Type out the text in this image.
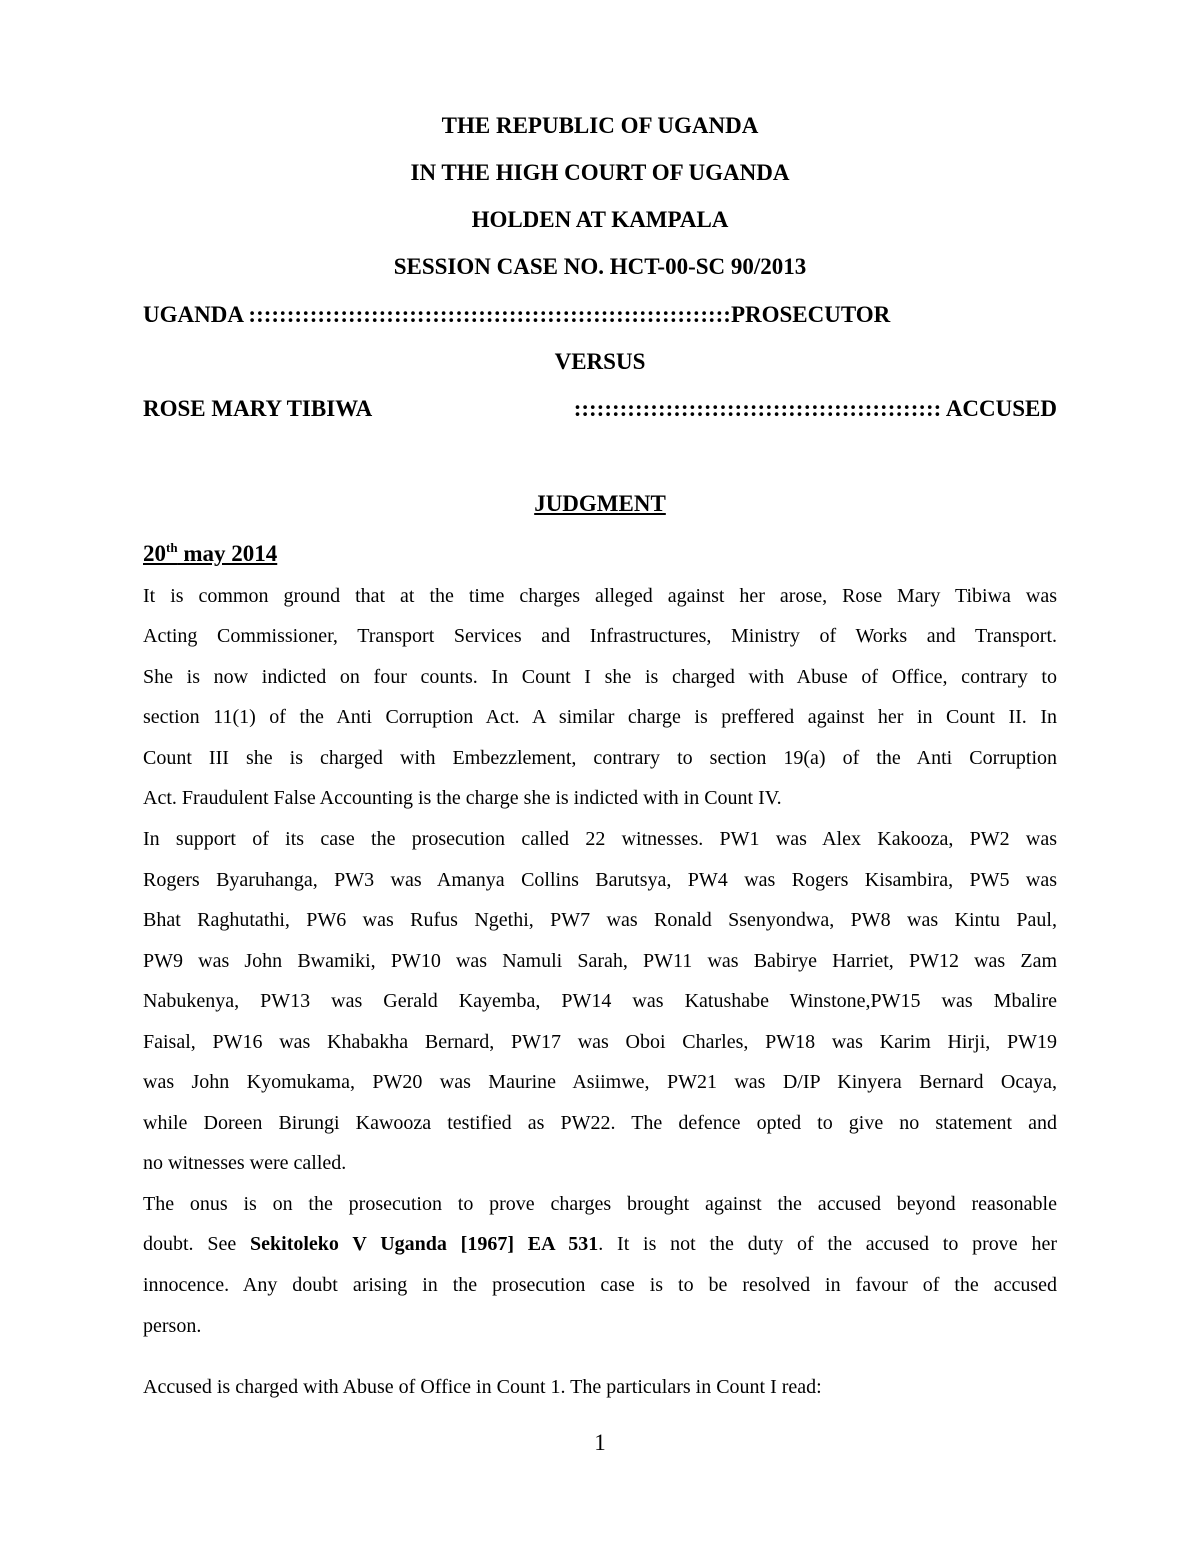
THE REPUBLIC OF UGANDA
IN THE HIGH COURT OF UGANDA
HOLDEN AT KAMPALA
SESSION CASE NO. HCT-00-SC 90/2013
UGANDA :::::::::::::::::::::::::::::::::::::::::::::::::::::::::::::::PROSECUTOR
VERSUS
ROSE MARY TIBIWA	:::::::::::::::::::::::::::::::::::::::::::::::: ACCUSED
JUDGMENT
20th may 2014
It is common ground that at the time charges alleged against her arose, Rose Mary Tibiwa was
Acting Commissioner, Transport Services and Infrastructures, Ministry of Works and Transport.
She is now indicted on four counts. In Count I she is charged with Abuse of Office, contrary to
section 11(1) of the Anti Corruption Act. A similar charge is preffered against her in Count II. In
Count III she is charged with Embezzlement, contrary to section 19(a) of the Anti Corruption
Act. Fraudulent False Accounting is the charge she is indicted with in Count IV.
In support of its case the prosecution called 22 witnesses. PW1 was Alex Kakooza, PW2 was
Rogers Byaruhanga, PW3 was Amanya Collins Barutsya, PW4 was Rogers Kisambira, PW5 was
Bhat Raghutathi, PW6 was Rufus Ngethi, PW7 was Ronald Ssenyondwa, PW8 was Kintu Paul,
PW9 was John Bwamiki, PW10 was Namuli Sarah, PW11 was Babirye Harriet, PW12 was Zam
Nabukenya, PW13 was Gerald Kayemba, PW14 was Katushabe Winstone,PW15 was Mbalire
Faisal, PW16 was Khabakha Bernard, PW17 was Oboi Charles, PW18 was Karim Hirji, PW19
was John Kyomukama, PW20 was Maurine Asiimwe, PW21 was D/IP Kinyera Bernard Ocaya,
while Doreen Birungi Kawooza testified as PW22. The defence opted to give no statement and
no witnesses were called.
The onus is on the prosecution to prove charges brought against the accused beyond reasonable
doubt. See Sekitoleko V Uganda [1967] EA 531. It is not the duty of the accused to prove her
innocence. Any doubt arising in the prosecution case is to be resolved in favour of the accused
person.
Accused is charged with Abuse of Office in Count 1. The particulars in Count I read:
1
